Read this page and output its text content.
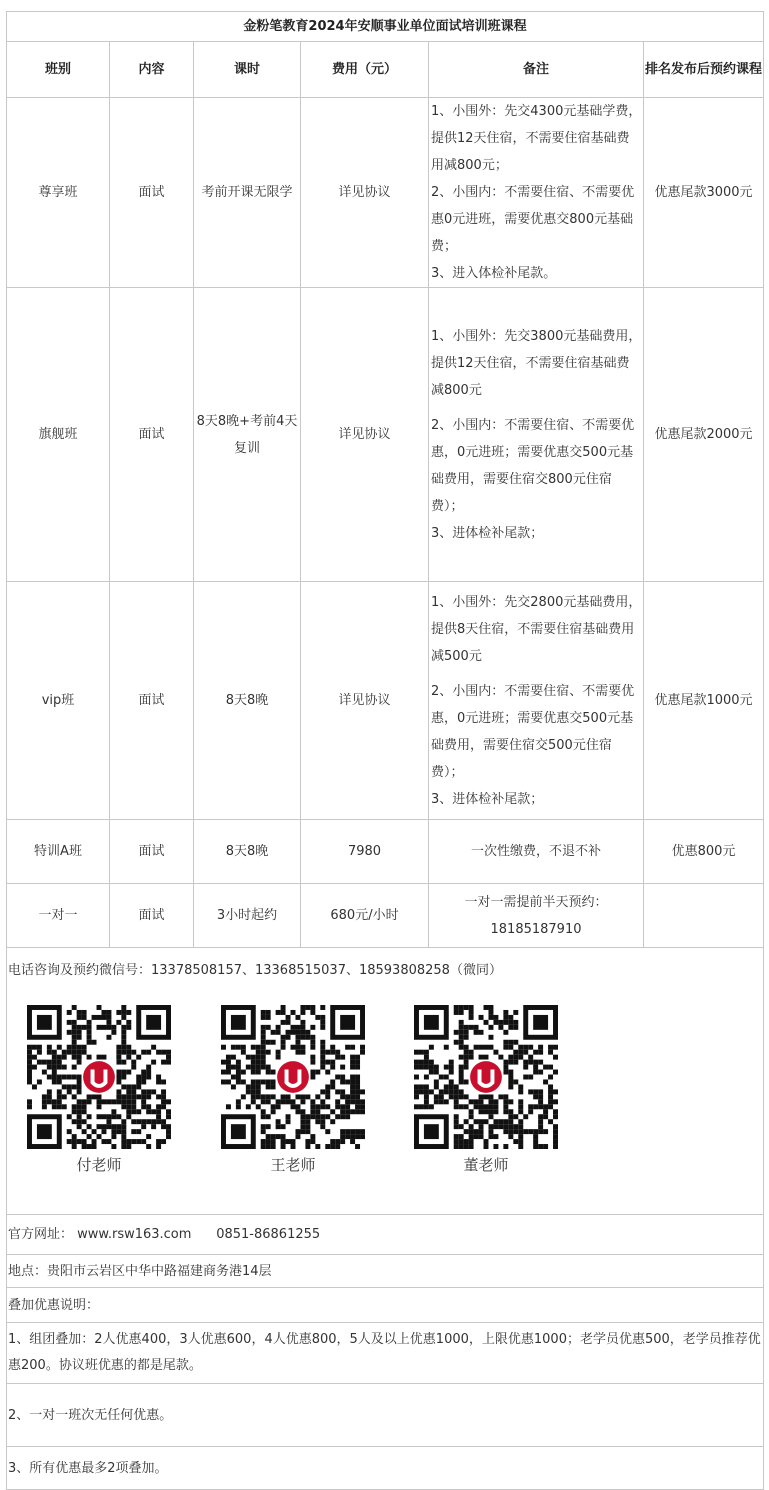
金粉笔教育2024年安顺事业单位面试培训班课程					
班别	内容	课时	费用（元）	备注	排名发布后预约课程
尊享班	面试	考前开课无限学	详见协议	1、小围外：先交4300元基础学费，提供12天住宿，不需要住宿基础费用减800元；

2、小围内：不需要住宿、不需要优惠0元进班，需要优惠交800元基础费；

3、进入体检补尾款。	优惠尾款3000元
旗舰班	面试	8天8晚+考前4天复训	详见协议	1、小围外：先交3800元基础费用，提供12天住宿，不需要住宿基础费减800元

2、小围内：不需要住宿、不需要优惠，0元进班；需要优惠交500元基础费用，需要住宿交800元住宿费）；

3、进体检补尾款；	优惠尾款2000元
vip班	面试	8天8晚	详见协议	1、小围外：先交2800元基础费用，提供8天住宿，不需要住宿基础费用减500元

2、小围内：不需要住宿、不需要优惠，0元进班；需要优惠交500元基础费用，需要住宿交500元住宿费）；

3、进体检补尾款；	优惠尾款1000元
特训A班	面试	8天8晚	7980	一次性缴费，不退不补	优惠800元
一对一	面试	3小时起约	680元/小时	一对一需提前半天预约：18185187910	

电话咨询及预约微信号：13378508157、13368515037、18593808258（微同）
付老师 王老师 董老师					

官方网址： www.rsw163.com      0851-86861255					
地点：贵阳市云岩区中华中路福建商务港14层					
叠加优惠说明：					
1、组团叠加：2人优惠400，3人优惠600，4人优惠800，5人及以上优惠1000，上限优惠1000；老学员优惠500，老学员推荐优惠200。协议班优惠的都是尾款。					
2、一对一班次无任何优惠。					
3、所有优惠最多2项叠加。					
